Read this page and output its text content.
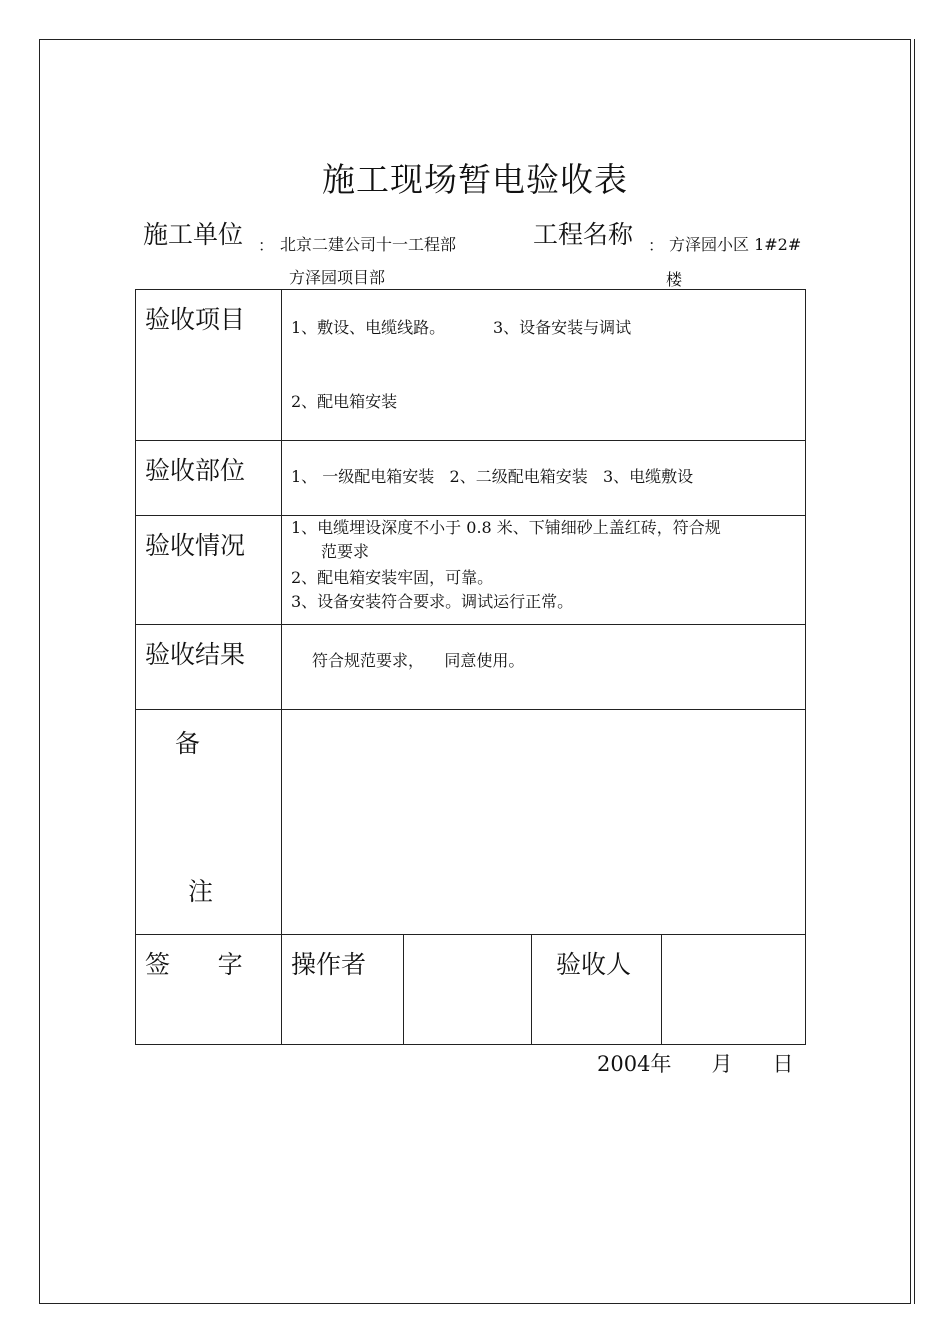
施工现场暂电验收表
施工单位 ： 北京二建公司十一工程部
方泽园项目部
工程名称 ： 方泽园小区 1#2#
楼
验收项目	1、敷设、电缆线路。 3、设备安装与调试
2、配电箱安装			

验收部位	1、 一级配电箱安装   2、二级配电箱安装   3、电缆敷设			

验收情况	1、电缆埋设深度不小于 0.8 米、下铺细砂上盖红砖，符合规
范要求
2、配电箱安装牢固，可靠。
3、设备安装符合要求。调试运行正常。			

验收结果	符合规范要求，    同意使用。			

备
注				

签      字	操作者		验收人	
2004年      月      日
